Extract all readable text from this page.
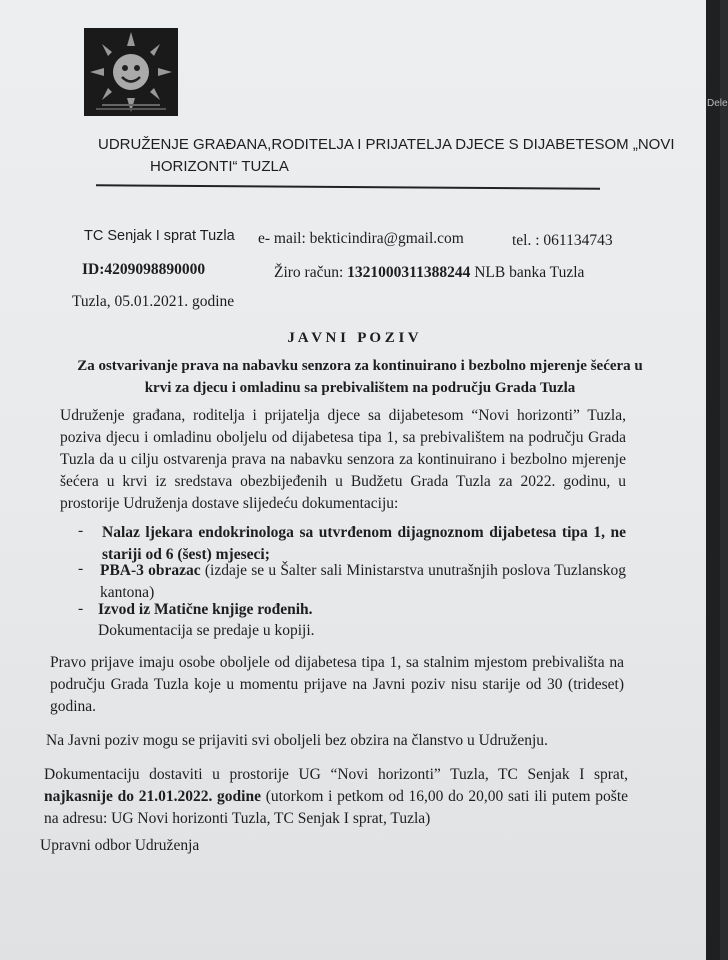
UDRUŽENJE GRAĐANA,RODITELJA I PRIJATELJA DJECE S DIJABETESOM „NOVI
HORIZONTI“ TUZLA
TC Senjak I sprat Tuzla e- mail: bekticindira@gmail.com	tel. : 061134743
ID:4209098890000	Žiro račun: 1321000311388244 NLB banka Tuzla
Tuzla, 05.01.2021. godine
J A V N I   P O Z I V
Za ostvarivanje prava na nabavku senzora za kontinuirano i bezbolno mjerenje šećera u
krvi za djecu i omladinu sa prebivalištem na području Grada Tuzla
Udruženje građana, roditelja i prijatelja djece sa dijabetesom “Novi horizonti” Tuzla, poziva djecu i omladinu oboljelu od dijabetesa tipa 1, sa prebivalištem na području Grada Tuzla da u cilju ostvarenja prava na nabavku senzora za kontinuirano i bezbolno mjerenje šećera u krvi iz sredstava obezbijeđenih u Budžetu Grada Tuzla za 2022. godinu, u prostorije Udruženja dostave slijedeću dokumentaciju:
- Nalaz ljekara endokrinologa sa utvrđenom dijagnoznom dijabetesa tipa 1, ne stariji od 6 (šest) mjeseci;
- PBA-3 obrazac (izdaje se u Šalter sali Ministarstva unutrašnjih poslova Tuzlanskog kantona)
- Izvod iz Matične knjige rođenih.
Dokumentacija se predaje u kopiji.
Pravo prijave imaju osobe oboljele od dijabetesa tipa 1, sa stalnim mjestom prebivališta na području Grada Tuzla koje u momentu prijave na Javni poziv nisu starije od 30 (trideset) godina.
Na Javni poziv mogu se prijaviti svi oboljeli bez obzira na članstvo u Udruženju.
Dokumentaciju dostaviti u prostorije UG “Novi horizonti” Tuzla, TC Senjak I sprat, najkasnije do 21.01.2022. godine (utorkom i petkom od 16,00 do 20,00 sati ili putem pošte na adresu: UG Novi horizonti Tuzla, TC Senjak I sprat, Tuzla)
Upravni odbor Udruženja
Dele
